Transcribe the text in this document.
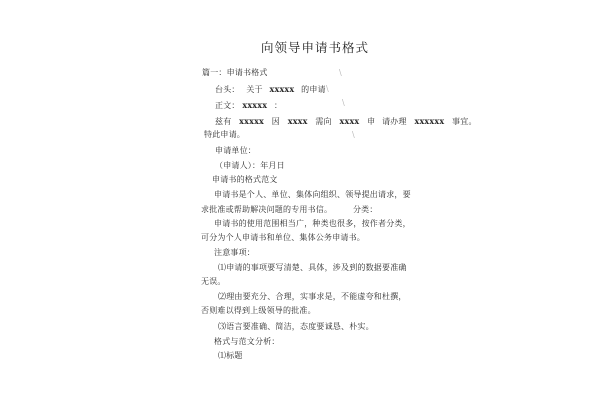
向领导申请书格式
篇一：申请书格式
台头： 关于 xxxxx 的申请
正文： xxxxx ：
兹有 xxxxx 因 xxxx 需向 xxxx 申 请办理 xxxxxx 事宜。
特此申请。
申请单位：
（申请人）：年月日
申请书的格式范文
申请书是个人、单位、集体向组织、领导提出请求，要
求批准或帮助解决问题的专用书信。	分类：
申请书的使用范围相当广，种类也很多，按作者分类，
可分为个人申请书和单位、集体公务申请书。
注意事项：
⑴申请的事项要写清楚、具体，涉及到的数据要准确
无误。
⑵理由要充分、合理，实事求是，不能虚夸和杜撰，
否则难以得到上级领导的批准。
⑶语言要准确、简洁，态度要诚恳、朴实。
格式与范文分析：
⑴标题
\
\
\
\
